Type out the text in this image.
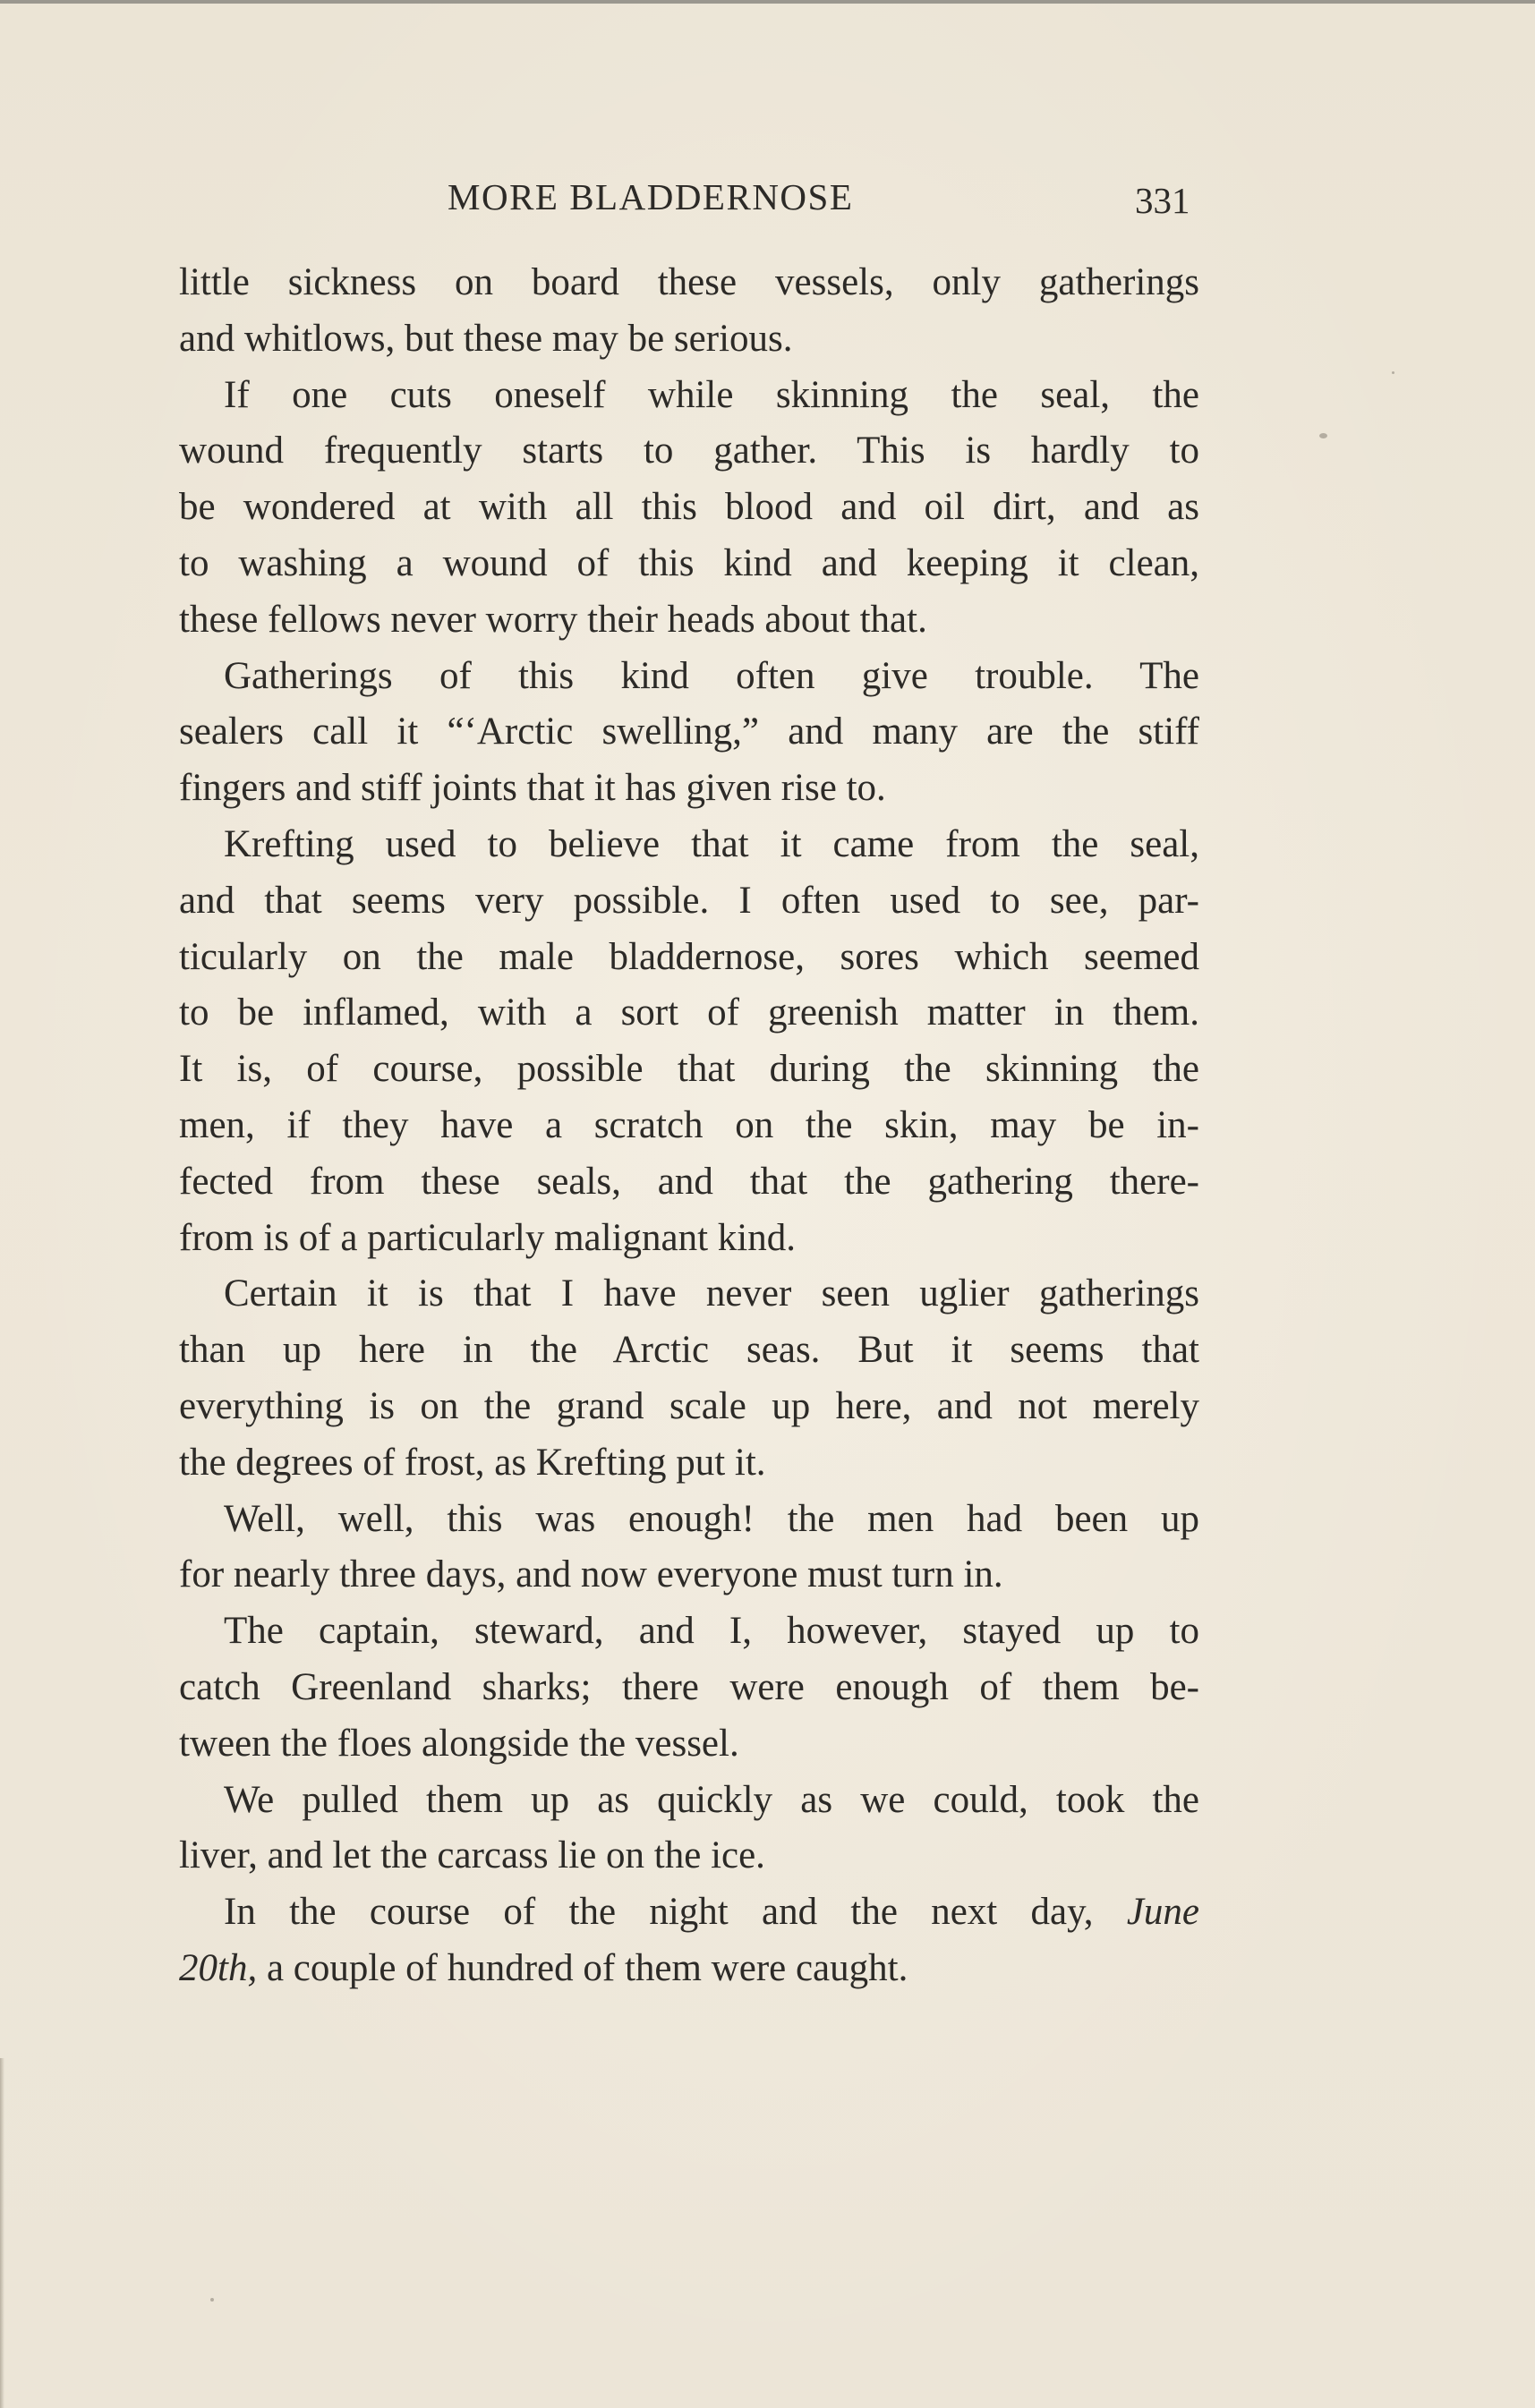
MORE BLADDERNOSE	331
little sickness on board these vessels, only gatherings
and whitlows, but these may be serious.
If one cuts oneself while skinning the seal, the
wound frequently starts to gather. This is hardly to
be wondered at with all this blood and oil dirt, and as
to washing a wound of this kind and keeping it clean,
these fellows never worry their heads about that.
Gatherings of this kind often give trouble. The
sealers call it “‘Arctic swelling,” and many are the stiff
fingers and stiff joints that it has given rise to.
Krefting used to believe that it came from the seal,
and that seems very possible. I often used to see, par-
ticularly on the male bladdernose, sores which seemed
to be inflamed, with a sort of greenish matter in them.
It is, of course, possible that during the skinning the
men, if they have a scratch on the skin, may be in-
fected from these seals, and that the gathering there-
from is of a particularly malignant kind.
Certain it is that I have never seen uglier gatherings
than up here in the Arctic seas. But it seems that
everything is on the grand scale up here, and not merely
the degrees of frost, as Krefting put it.
Well, well, this was enough! the men had been up
for nearly three days, and now everyone must turn in.
The captain, steward, and I, however, stayed up to
catch Greenland sharks; there were enough of them be-
tween the floes alongside the vessel.
We pulled them up as quickly as we could, took the
liver, and let the carcass lie on the ice.
In the course of the night and the next day, June
20th, a couple of hundred of them were caught.
